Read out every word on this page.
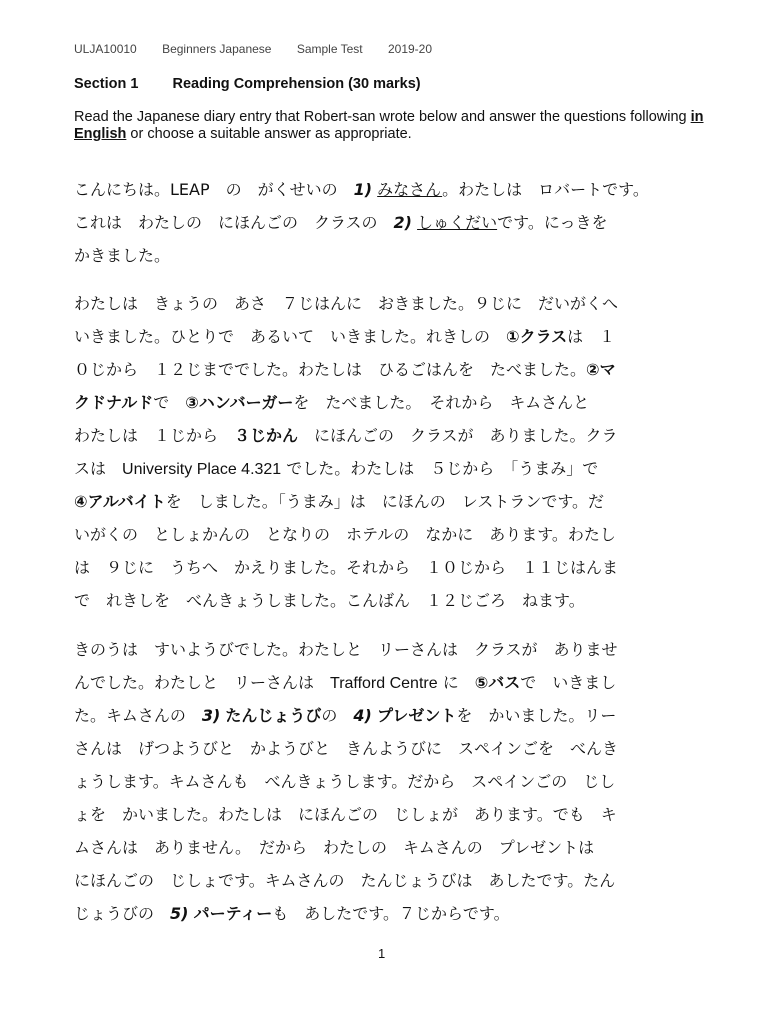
ULJA10010 Beginners Japanese Sample Test 2019-20
Section 1 Reading Comprehension (30 marks)
Read the Japanese diary entry that Robert-san wrote below and answer the questions following in English or choose a suitable answer as appropriate.
こんにちは。LEAP　の　がくせいの　1) みなさん。わたしは　ロバートです。
これは　わたしの　にほんごの　クラスの　2) しゅくだいです。にっきを
かきました。
わたしは　きょうの　あさ　７じはんに　おきました。９じに　だいがくへ
いきました。ひとりで　あるいて　いきました。れきしの　①クラスは　１
０じから　１２じまででした。わたしは　ひるごはんを　たべました。②マ
クドナルドで　③ハンバーガーを　たべました。　それから　キムさんと
わたしは　１じから　３じかん　にほんごの　クラスが　ありました。クラ
スは　University Place 4.321 でした。わたしは　５じから　「うまみ」で
④アルバイトを　しました。「うまみ」は　にほんの　レストランです。だ
いがくの　としょかんの　となりの　ホテルの　なかに　あります。わたし
は　９じに　うちへ　かえりました。それから　１０じから　１１じはんま
で　れきしを　べんきょうしました。こんばん　１２じごろ　ねます。
きのうは　すいようびでした。わたしと　リーさんは　クラスが　ありませ
んでした。わたしと　リーさんは　Trafford Centre に　⑤バスで　いきまし
た。キムさんの　3) たんじょうびの　4) プレゼントを　かいました。リー
さんは　げつようびと　かようびと　きんようびに　スペインごを　べんき
ょうします。キムさんも　べんきょうします。だから　スペインごの　じし
ょを　かいました。わたしは　にほんごの　じしょが　あります。でも　キ
ムさんは　ありません。　だから　わたしの　キムさんの　プレゼントは
にほんごの　じしょです。キムさんの　たんじょうびは　あしたです。たん
じょうびの　5) パーティーも　あしたです。７じからです。
1
